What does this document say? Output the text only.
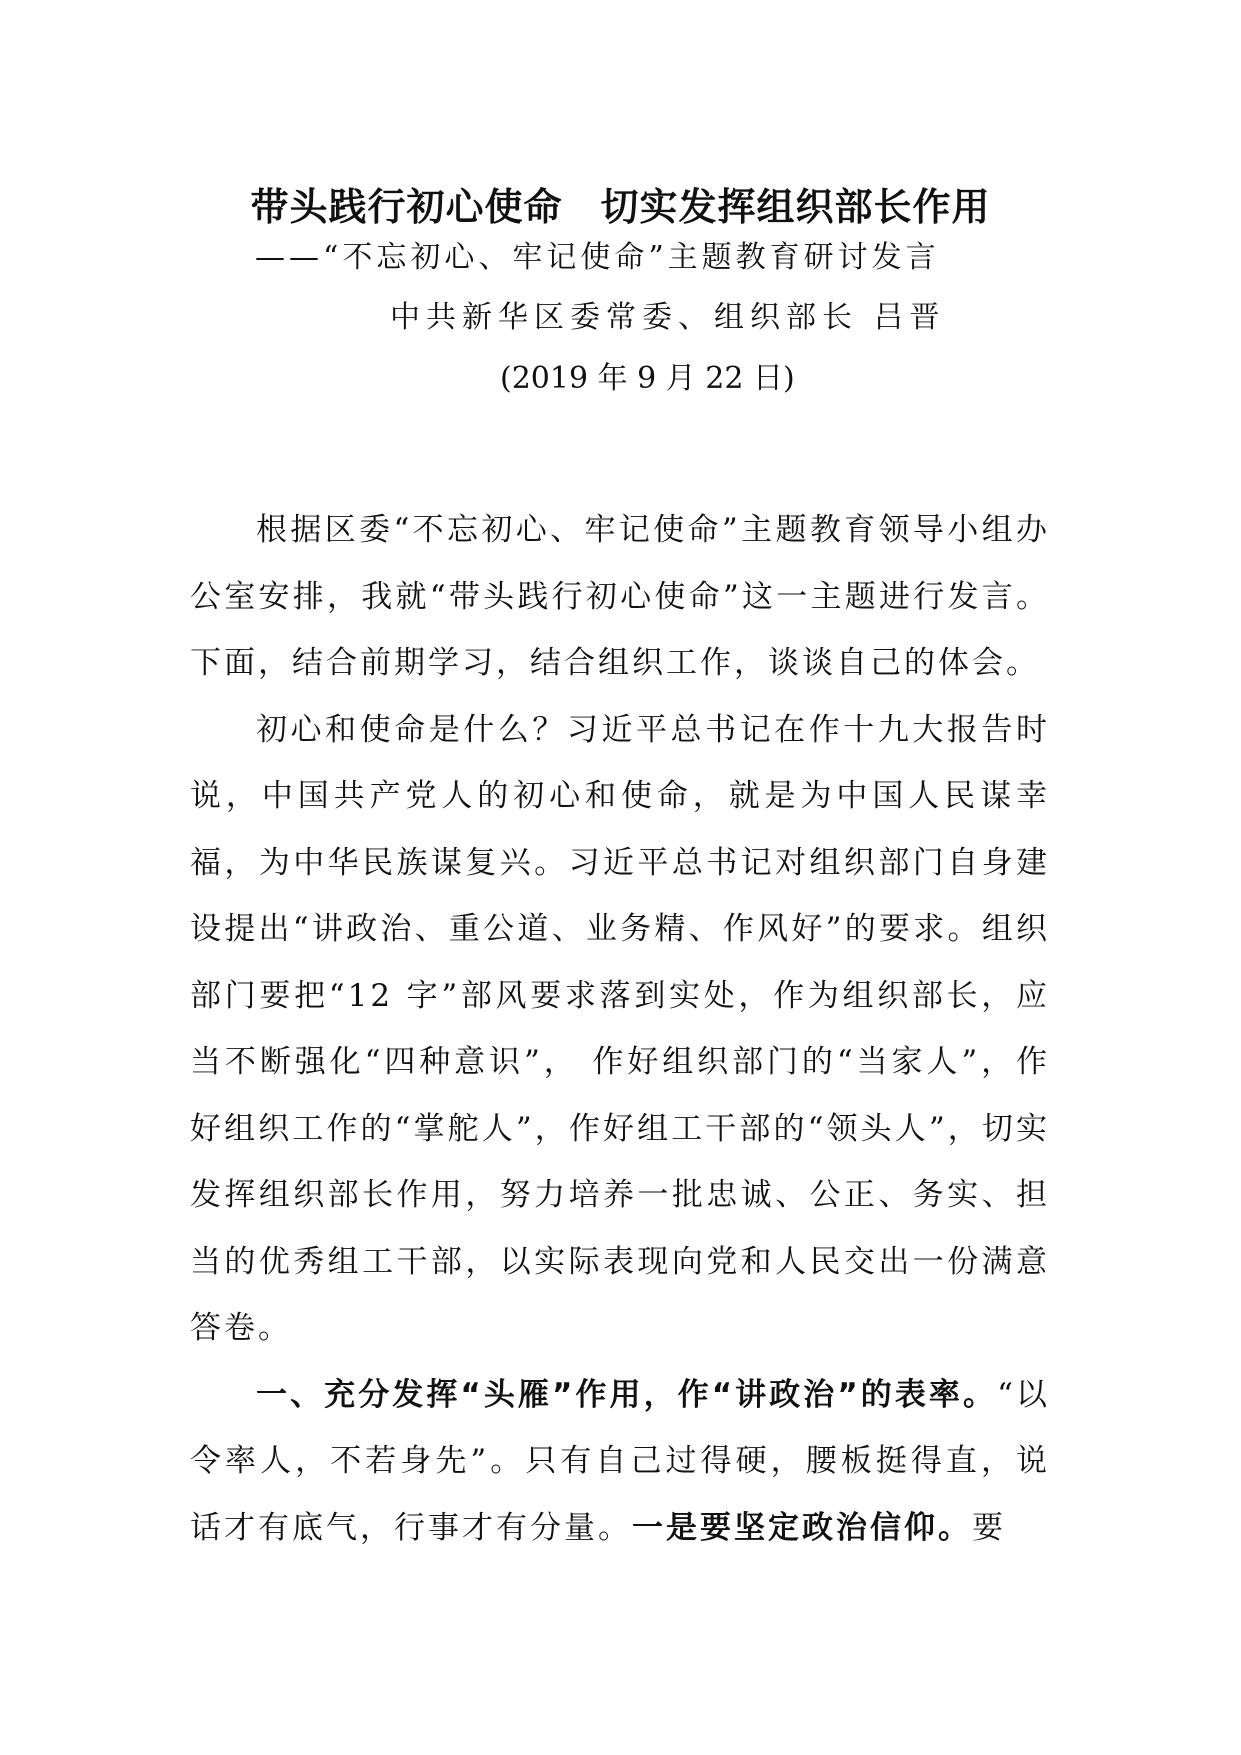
带头践行初心使命 切实发挥组织部长作用
——“不忘初心、牢记使命”主题教育研讨发言
中共新华区委常委、组织部长 吕晋
(2019 年 9 月 22 日)

根据区委“不忘初心、牢记使命”主题教育领导小组办公室安排，我就“带头践行初心使命”这一主题进行发言。下面，结合前期学习，结合组织工作，谈谈自己的体会。

初心和使命是什么？习近平总书记在作十九大报告时说，中国共产党人的初心和使命，就是为中国人民谋幸福，为中华民族谋复兴。习近平总书记对组织部门自身建设提出“讲政治、重公道、业务精、作风好”的要求。组织部门要把“12 字”部风要求落到实处，作为组织部长，应当不断强化“四种意识”， 作好组织部门的“当家人”，作好组织工作的“掌舵人”，作好组工干部的“领头人”，切实发挥组织部长作用，努力培养一批忠诚、公正、务实、担当的优秀组工干部，以实际表现向党和人民交出一份满意答卷。

一、充分发挥“头雁”作用，作“讲政治”的表率。“以令率人，不若身先”。只有自己过得硬，腰板挺得直，说话才有底气，行事才有分量。一是要坚定政治信仰。要
